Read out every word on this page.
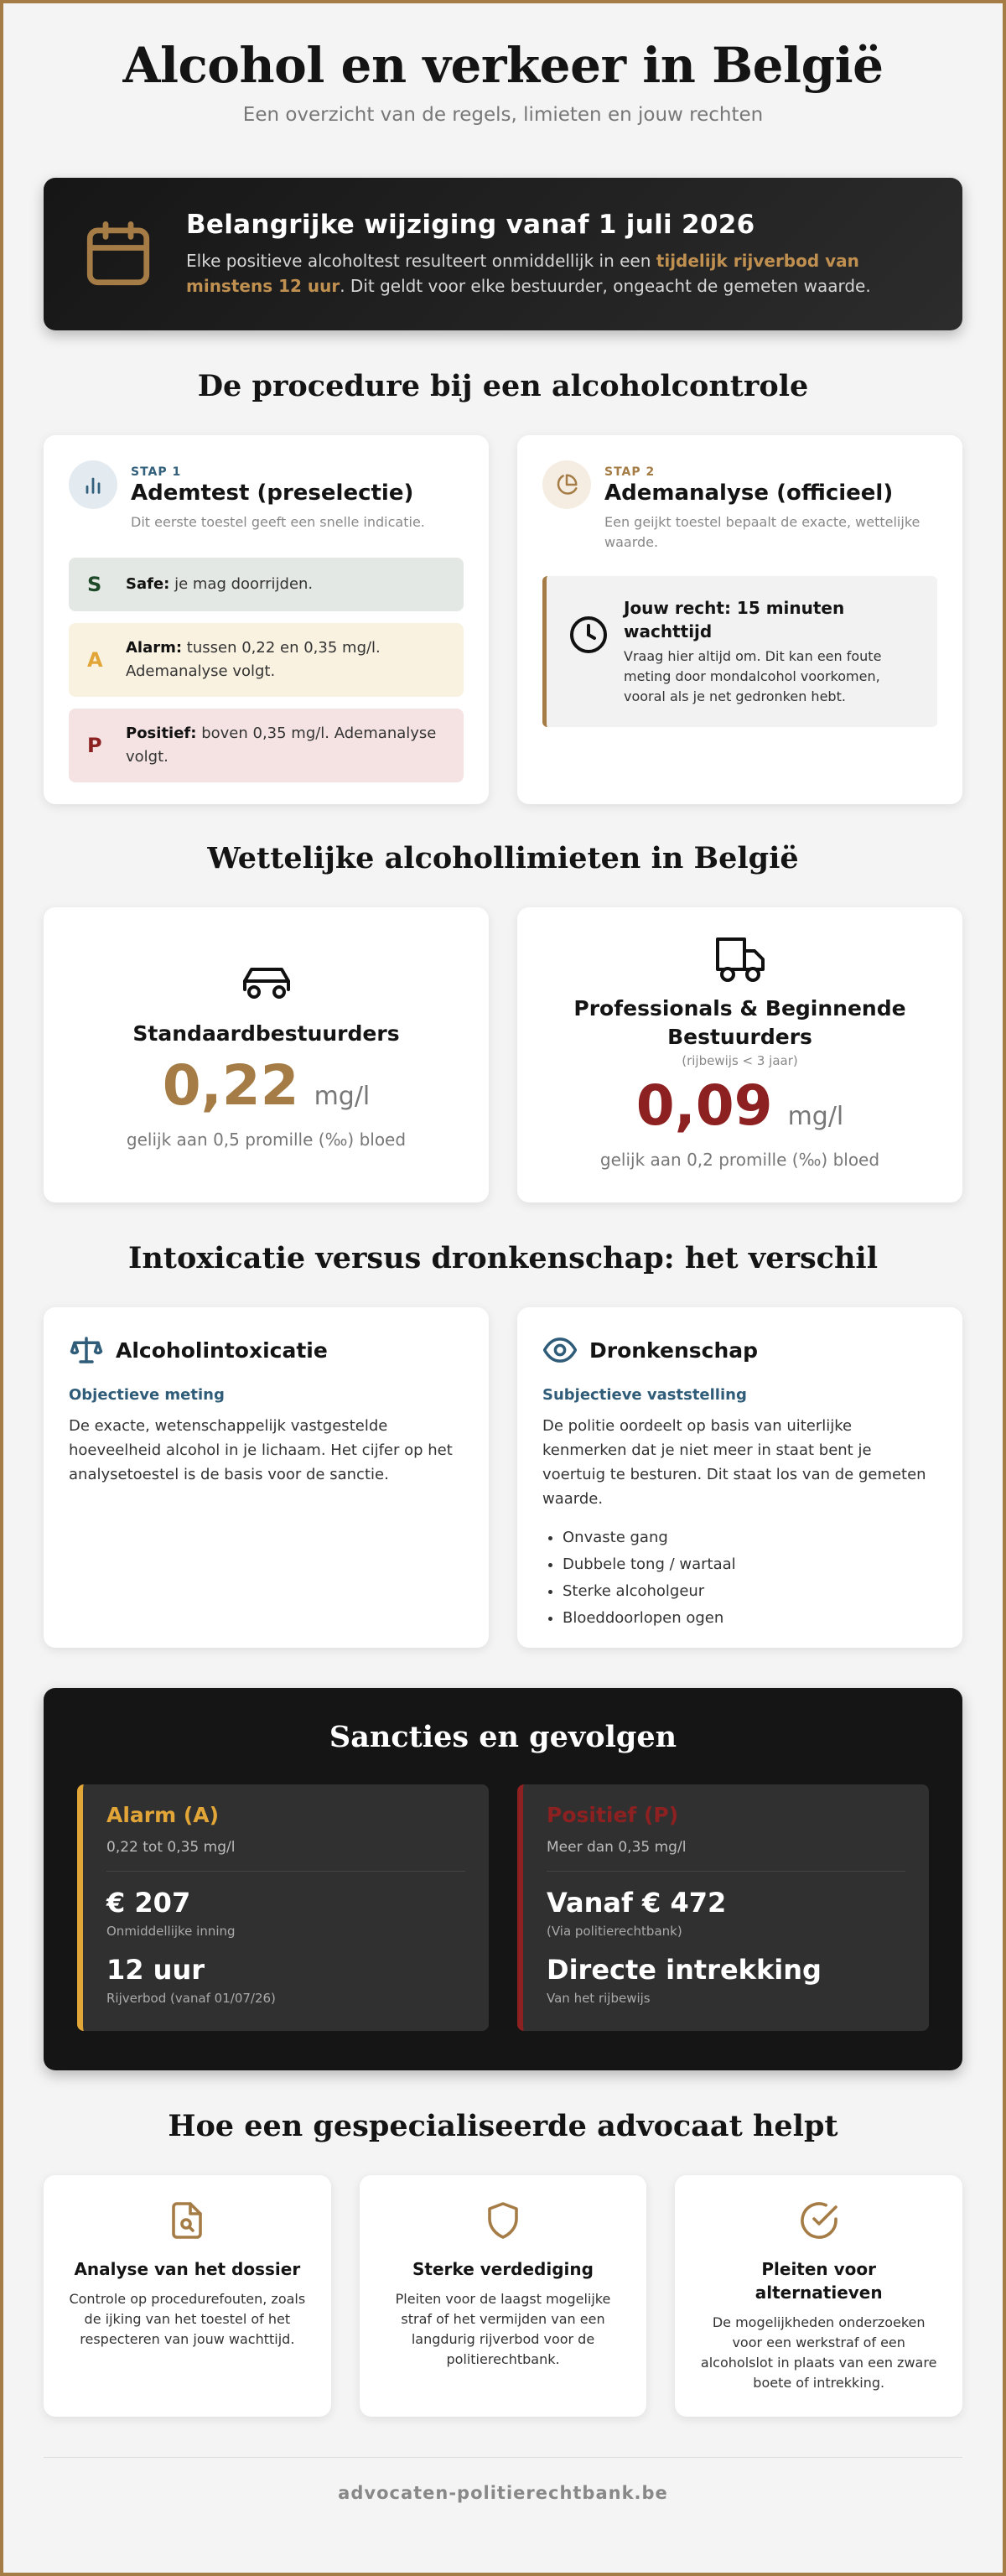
Alcohol en verkeer in België

Een overzicht van de regels, limieten en jouw rechten

Belangrijke wijziging vanaf 1 juli 2026
Elke positieve alcoholtest resulteert onmiddellijk in een tijdelijk rijverbod van minstens 12 uur. Dit geldt voor elke bestuurder, ongeacht de gemeten waarde.
De procedure bij een alcoholcontrole
STAP 1
Ademtest (preselectie)
Dit eerste toestel geeft een snelle indicatie.
S	Safe: je mag doorrijden.
A
Alarm: tussen 0,22 en 0,35 mg/l. Ademanalyse volgt.
P
Positief: boven 0,35 mg/l. Ademanalyse volgt.
STAP 2
Ademanalyse (officieel)
Een geijkt toestel bepaalt de exacte, wettelijke waarde.
Jouw recht: 15 minuten wachttijd
Vraag hier altijd om. Dit kan een foute meting door mondalcohol voorkomen, vooral als je net gedronken hebt.
Wettelijke alcohollimieten in België
Standaardbestuurders
0,22 mg/l
gelijk aan 0,5 promille (‰) bloed
Professionals & Beginnende Bestuurders
(rijbewijs < 3 jaar)
0,09 mg/l
gelijk aan 0,2 promille (‰) bloed
Intoxicatie versus dronkenschap: het verschil
Alcoholintoxicatie
Objectieve meting
De exacte, wetenschappelijk vastgestelde hoeveelheid alcohol in je lichaam. Het cijfer op het analysetoestel is de basis voor de sanctie.
Dronkenschap
Subjectieve vaststelling
De politie oordeelt op basis van uiterlijke kenmerken dat je niet meer in staat bent je voertuig te besturen. Dit staat los van de gemeten waarde.
• Onvaste gang
• Dubbele tong / wartaal
• Sterke alcoholgeur
• Bloeddoorlopen ogen
Sancties en gevolgen
Alarm (A)
0,22 tot 0,35 mg/l
€ 207
Onmiddellijke inning
12 uur
Rijverbod (vanaf 01/07/26)
Positief (P)
Meer dan 0,35 mg/l
Vanaf € 472
(Via politierechtbank)
Directe intrekking
Van het rijbewijs
Hoe een gespecialiseerde advocaat helpt
Analyse van het dossier
Controle op procedurefouten, zoals de ijking van het toestel of het respecteren van jouw wachttijd.
Sterke verdediging
Pleiten voor de laagst mogelijke straf of het vermijden van een langdurig rijverbod voor de politierechtbank.
Pleiten voor alternatieven
De mogelijkheden onderzoeken voor een werkstraf of een alcoholslot in plaats van een zware boete of intrekking.
advocaten-politierechtbank.be
